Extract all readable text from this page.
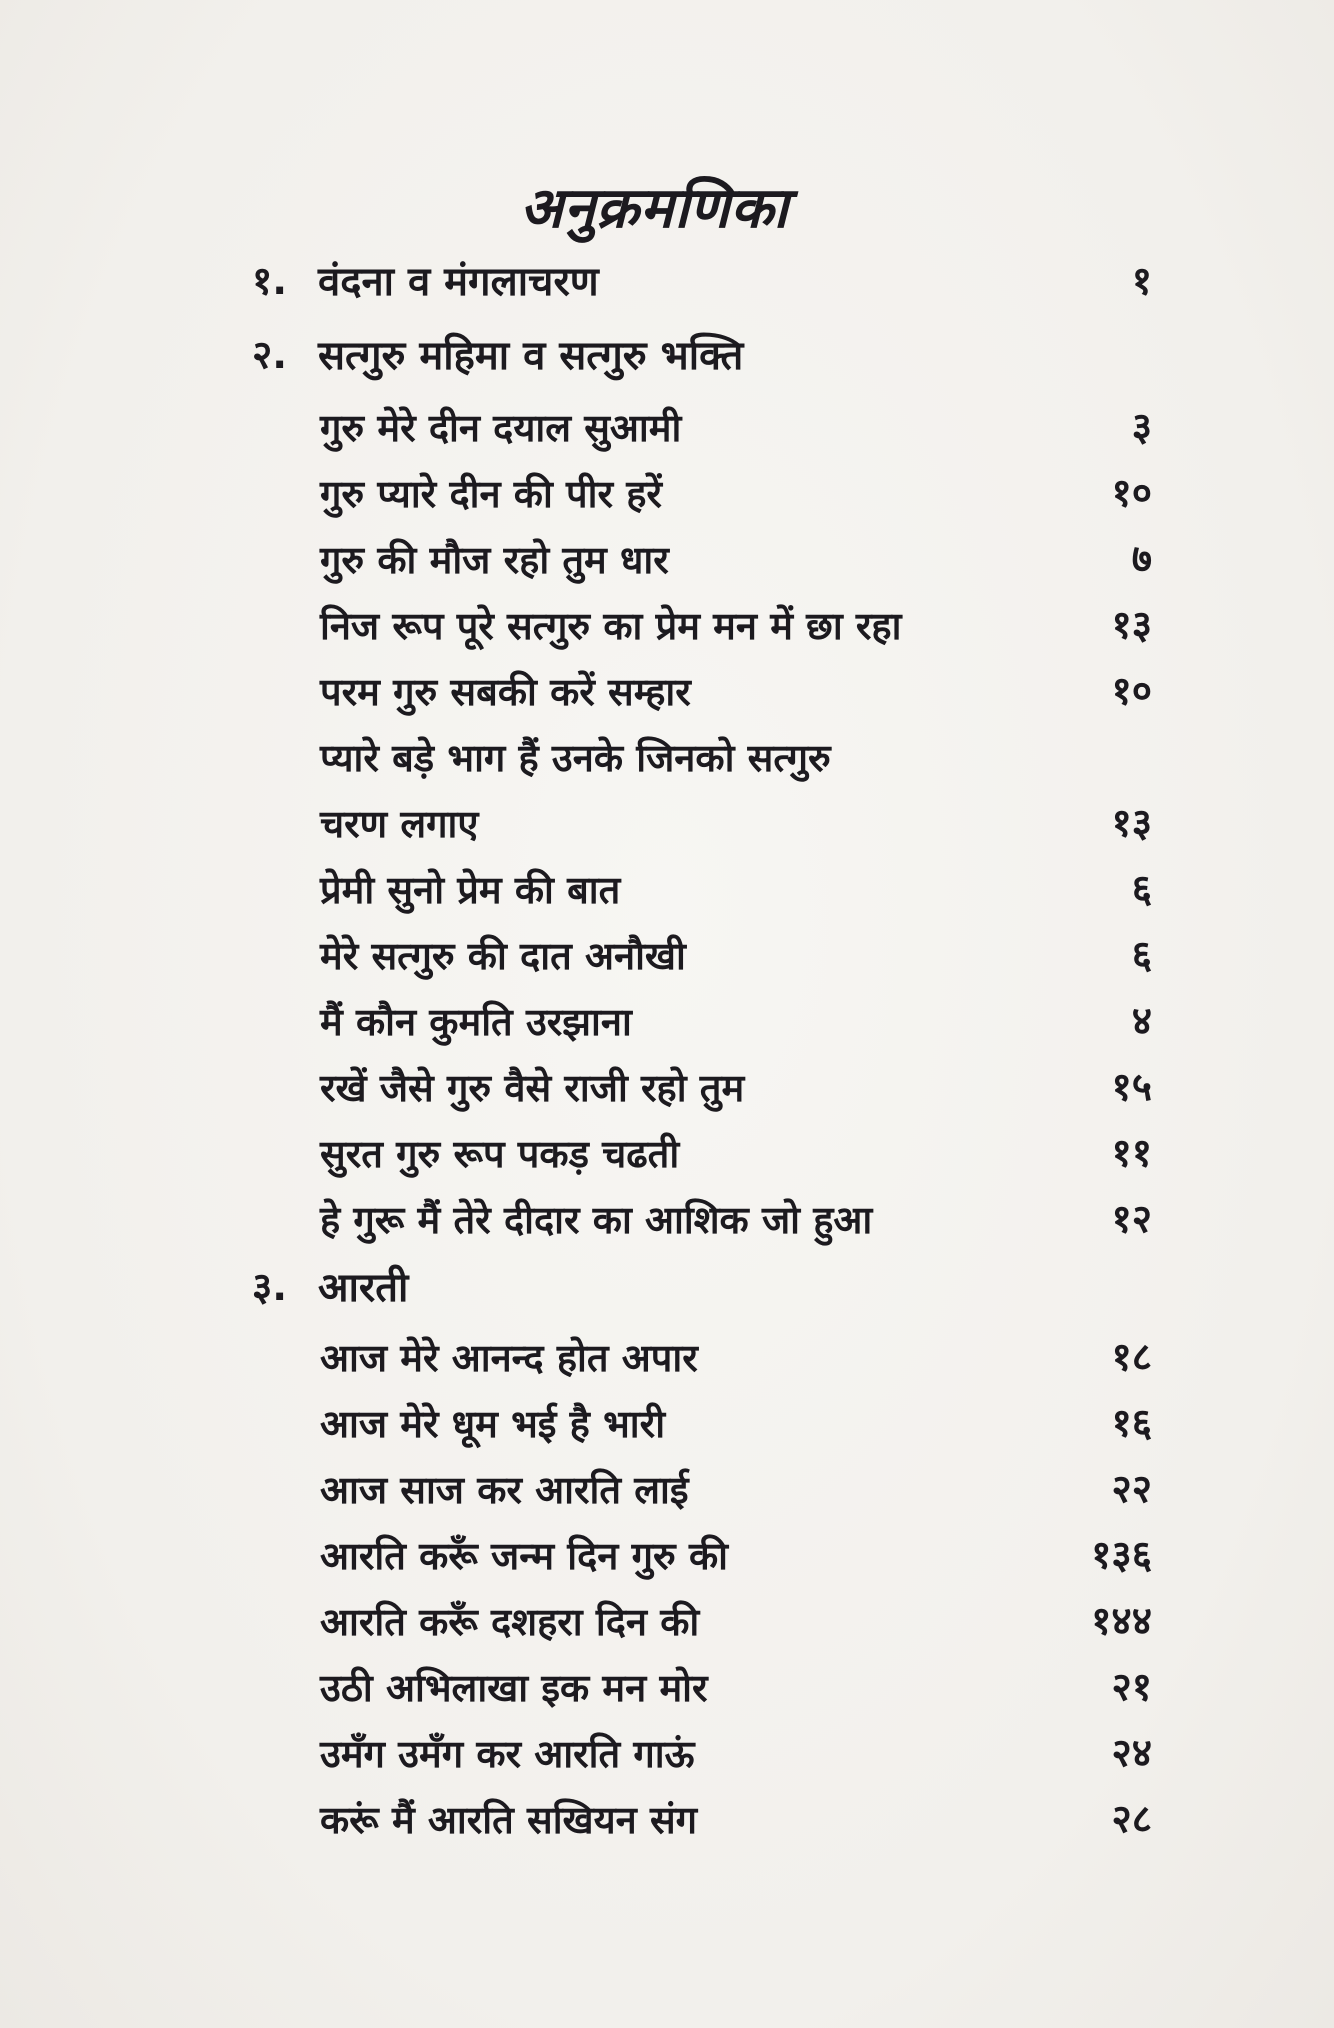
अनुक्रमणिका
१. वंदना व मंगलाचरण	१
२. सत्गुरु महिमा व सत्गुरु भक्ति
गुरु मेरे दीन दयाल सुआमी	३
गुरु प्यारे दीन की पीर हरें	१०
गुरु की मौज रहो तुम धार	७
निज रूप पूरे सत्गुरु का प्रेम मन में छा रहा	१३
परम गुरु सबकी करें सम्हार	१०
प्यारे बड़े भाग हैं उनके जिनको सत्गुरु
चरण लगाए	१३
प्रेमी सुनो प्रेम की बात	६
मेरे सत्गुरु की दात अनौखी	६
मैं कौन कुमति उरझाना	४
रखें जैसे गुरु वैसे राजी रहो तुम	१५
सुरत गुरु रूप पकड़ चढती	११
हे गुरू मैं तेरे दीदार का आशिक जो हुआ	१२
३. आरती
आज मेरे आनन्द होत अपार	१८
आज मेरे धूम भई है भारी	१६
आज साज कर आरति लाई	२२
आरति करूँ जन्म दिन गुरु की	१३६
आरति करूँ दशहरा दिन की	१४४
उठी अभिलाखा इक मन मोर	२१
उमँग उमँग कर आरति गाऊं	२४
करूं मैं आरति सखियन संग	२८
